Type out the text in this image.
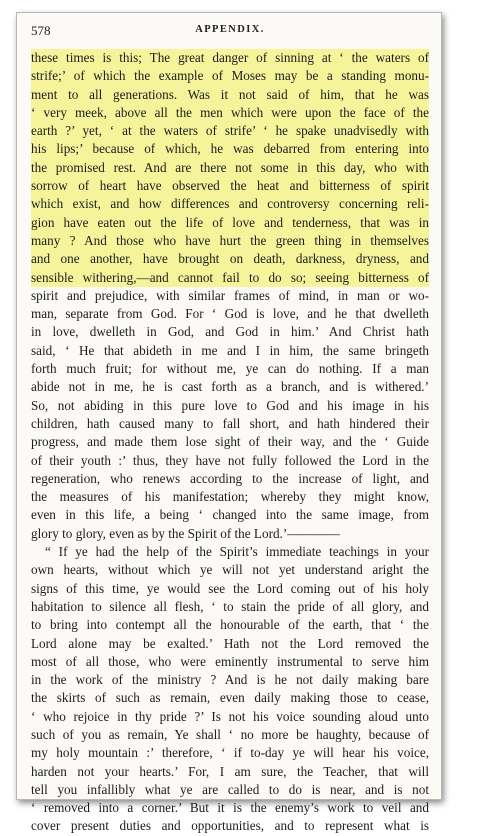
578	APPENDIX.
these times is this; The great danger of sinning at ‘ the waters of
strife;’ of which the example of Moses may be a standing monu-
ment to all generations. Was it not said of him, that he was
‘ very meek, above all the men which were upon the face of the
earth ?’ yet, ‘ at the waters of strife’ ‘ he spake unadvisedly with
his lips;’ because of which, he was debarred from entering into
the promised rest. And are there not some in this day, who with
sorrow of heart have observed the heat and bitterness of spirit
which exist, and how differences and controversy concerning reli-
gion have eaten out the life of love and tenderness, that was in
many ? And those who have hurt the green thing in themselves
and one another, have brought on death, darkness, dryness, and
sensible withering,—and cannot fail to do so; seeing bitterness of
spirit and prejudice, with similar frames of mind, in man or wo-
man, separate from God. For ‘ God is love, and he that dwelleth
in love, dwelleth in God, and God in him.’ And Christ hath
said, ‘ He that abideth in me and I in him, the same bringeth
forth much fruit; for without me, ye can do nothing. If a man
abide not in me, he is cast forth as a branch, and is withered.’
So, not abiding in this pure love to God and his image in his
children, hath caused many to fall short, and hath hindered their
progress, and made them lose sight of their way, and the ‘ Guide
of their youth :’ thus, they have not fully followed the Lord in the
regeneration, who renews according to the increase of light, and
the measures of his manifestation; whereby they might know,
even in this life, a being ‘ changed into the same image, from
glory to glory, even as by the Spirit of the Lord.’————
“ If ye had the help of the Spirit’s immediate teachings in your
own hearts, without which ye will not yet understand aright the
signs of this time, ye would see the Lord coming out of his holy
habitation to silence all flesh, ‘ to stain the pride of all glory, and
to bring into contempt all the honourable of the earth, that ‘ the
Lord alone may be exalted.’ Hath not the Lord removed the
most of all those, who were eminently instrumental to serve him
in the work of the ministry ? And is he not daily making bare
the skirts of such as remain, even daily making those to cease,
‘ who rejoice in thy pride ?’ Is not his voice sounding aloud unto
such of you as remain, Ye shall ‘ no more be haughty, because of
my holy mountain :’ therefore, ‘ if to-day ye will hear his voice,
harden not your hearts.’ For, I am sure, the Teacher, that will
tell you infallibly what ye are called to do is near, and is not
‘ removed into a corner.’ But it is the enemy’s work to veil and
cover present duties and opportunities, and to represent what is
